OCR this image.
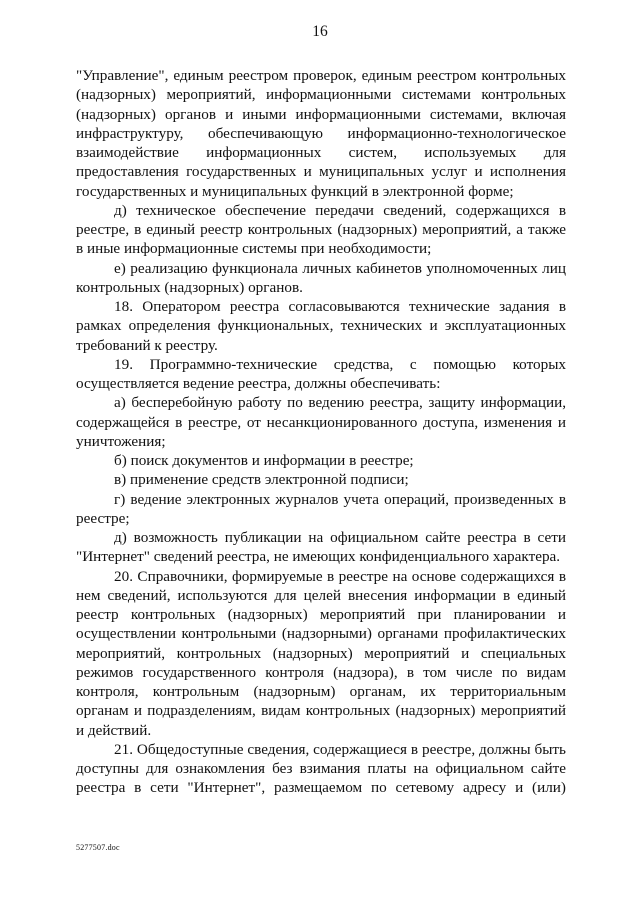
16

"Управление", единым реестром проверок, единым реестром контрольных (надзорных) мероприятий, информационными системами контрольных (надзорных) органов и иными информационными системами, включая инфраструктуру, обеспечивающую информационно-технологическое взаимодействие информационных систем, используемых для предоставления государственных и муниципальных услуг и исполнения государственных и муниципальных функций в электронной форме;

д) техническое обеспечение передачи сведений, содержащихся в реестре, в единый реестр контрольных (надзорных) мероприятий, а также в иные информационные системы при необходимости;

е) реализацию функционала личных кабинетов уполномоченных лиц контрольных (надзорных) органов.

18. Оператором реестра согласовываются технические задания в рамках определения функциональных, технических и эксплуатационных требований к реестру.

19. Программно-технические средства, с помощью которых осуществляется ведение реестра, должны обеспечивать:

а) бесперебойную работу по ведению реестра, защиту информации, содержащейся в реестре, от несанкционированного доступа, изменения и уничтожения;

б) поиск документов и информации в реестре;

в) применение средств электронной подписи;

г) ведение электронных журналов учета операций, произведенных в реестре;

д) возможность публикации на официальном сайте реестра в сети "Интернет" сведений реестра, не имеющих конфиденциального характера.

20. Справочники, формируемые в реестре на основе содержащихся в нем сведений, используются для целей внесения информации в единый реестр контрольных (надзорных) мероприятий при планировании и осуществлении контрольными (надзорными) органами профилактических мероприятий, контрольных (надзорных) мероприятий и специальных режимов государственного контроля (надзора), в том числе по видам контроля, контрольным (надзорным) органам, их территориальным органам и подразделениям, видам контрольных (надзорных) мероприятий и действий.

21. Общедоступные сведения, содержащиеся в реестре, должны быть доступны для ознакомления без взимания платы на официальном сайте реестра в сети "Интернет", размещаемом по сетевому адресу и (или)

5277507.doc
